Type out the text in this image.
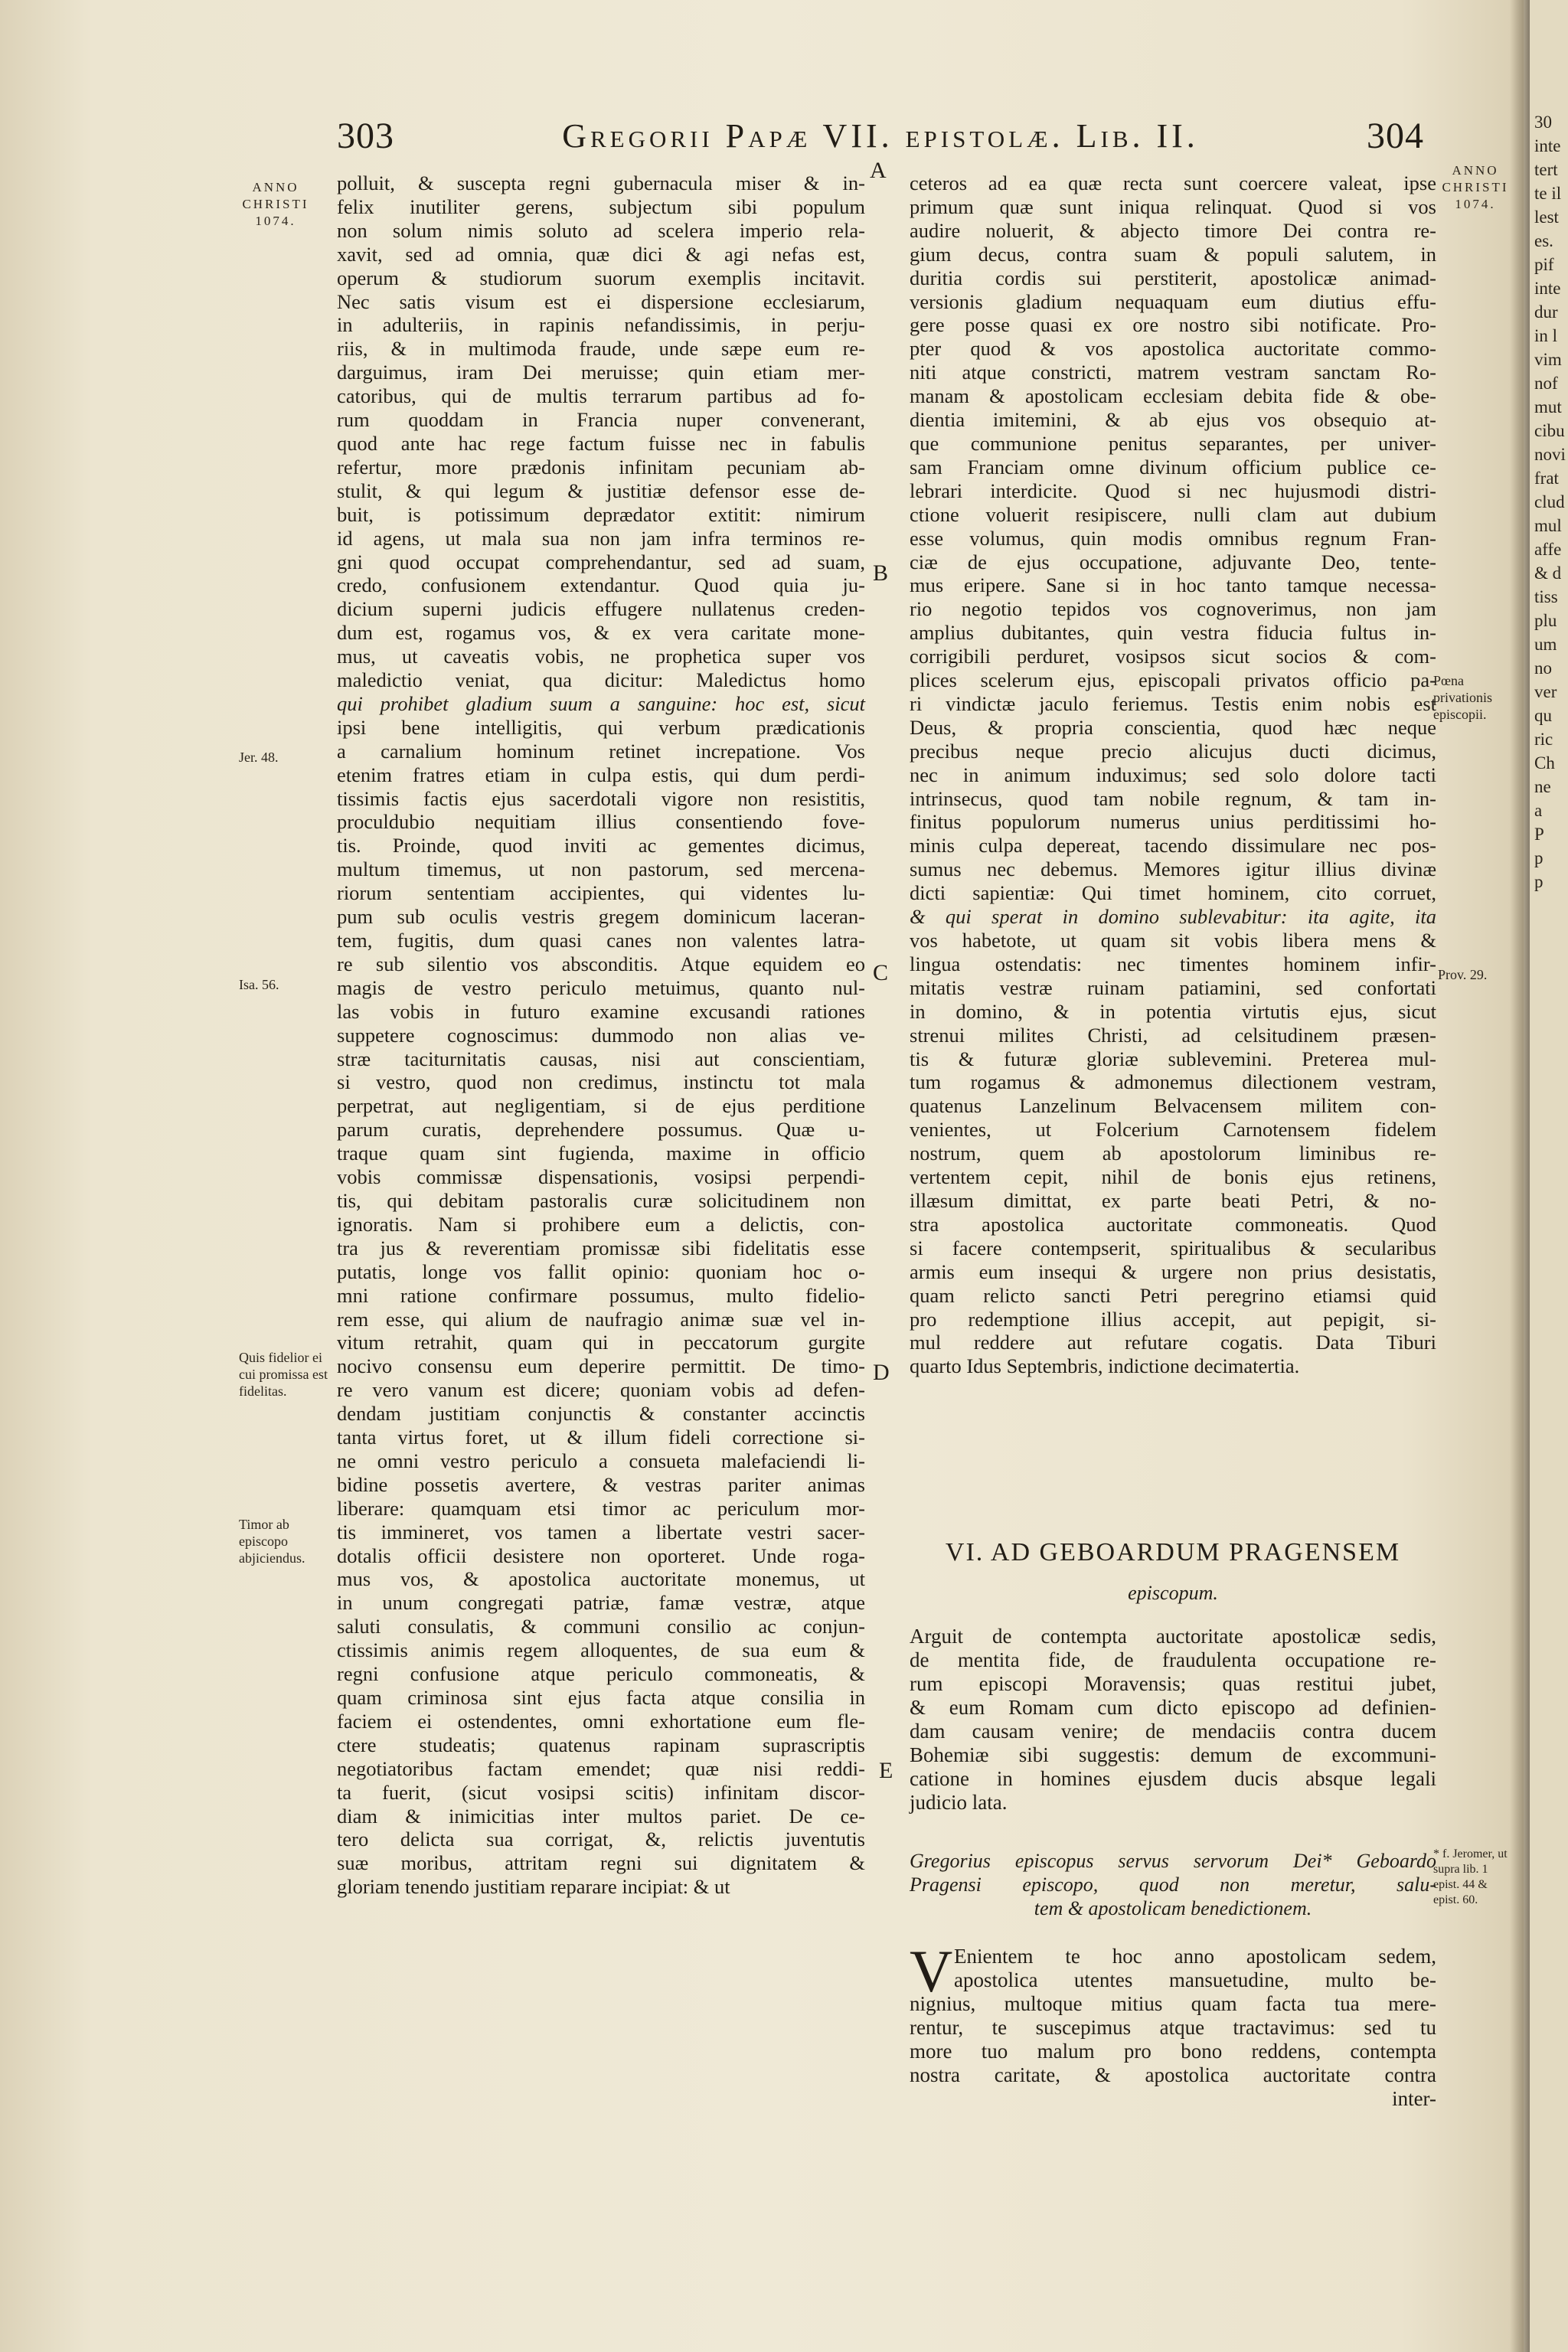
303	Gregorii Papæ VII. epistolæ. Lib. II.	304
ANNO CHRISTI 1074.
Jer. 48.
Isa. 56.
Quis fidelior ei cui promissa est fidelitas.
Timor ab episcopo abjiciendus.
ANNO CHRISTI 1074.
Pœna privationis episcopii.
Prov. 29.
* f. Jeromer, ut supra lib. 1 epist. 44 & epist. 60.
A
B
C
D
E
polluit, & suscepta regni gubernacula miser & in-
felix inutiliter gerens, subjectum sibi populum
non solum nimis soluto ad scelera imperio rela-
xavit, sed ad omnia, quæ dici & agi nefas est,
operum & studiorum suorum exemplis incitavit.
Nec satis visum est ei dispersione ecclesiarum,
in adulteriis, in rapinis nefandissimis, in perju-
riis, & in multimoda fraude, unde sæpe eum re-
darguimus, iram Dei meruisse; quin etiam mer-
catoribus, qui de multis terrarum partibus ad fo-
rum quoddam in Francia nuper convenerant,
quod ante hac rege factum fuisse nec in fabulis
refertur, more prædonis infinitam pecuniam ab-
stulit, & qui legum & justitiæ defensor esse de-
buit, is potissimum deprædator extitit: nimirum
id agens, ut mala sua non jam infra terminos re-
gni quod occupat comprehendantur, sed ad suam,
credo, confusionem extendantur. Quod quia ju-
dicium superni judicis effugere nullatenus creden-
dum est, rogamus vos, & ex vera caritate mone-
mus, ut caveatis vobis, ne prophetica super vos
maledictio veniat, qua dicitur: Maledictus homo
qui prohibet gladium suum a sanguine: hoc est, sicut
ipsi bene intelligitis, qui verbum prædicationis
a carnalium hominum retinet increpatione. Vos
etenim fratres etiam in culpa estis, qui dum perdi-
tissimis factis ejus sacerdotali vigore non resistitis,
proculdubio nequitiam illius consentiendo fove-
tis. Proinde, quod inviti ac gementes dicimus,
multum timemus, ut non pastorum, sed mercena-
riorum sententiam accipientes, qui videntes lu-
pum sub oculis vestris gregem dominicum laceran-
tem, fugitis, dum quasi canes non valentes latra-
re sub silentio vos absconditis. Atque equidem eo
magis de vestro periculo metuimus, quanto nul-
las vobis in futuro examine excusandi rationes
suppetere cognoscimus: dummodo non alias ve-
stræ taciturnitatis causas, nisi aut conscientiam,
si vestro, quod non credimus, instinctu tot mala
perpetrat, aut negligentiam, si de ejus perditione
parum curatis, deprehendere possumus. Quæ u-
traque quam sint fugienda, maxime in officio
vobis commissæ dispensationis, vosipsi perpendi-
tis, qui debitam pastoralis curæ solicitudinem non
ignoratis. Nam si prohibere eum a delictis, con-
tra jus & reverentiam promissæ sibi fidelitatis esse
putatis, longe vos fallit opinio: quoniam hoc o-
mni ratione confirmare possumus, multo fidelio-
rem esse, qui alium de naufragio animæ suæ vel in-
vitum retrahit, quam qui in peccatorum gurgite
nocivo consensu eum deperire permittit. De timo-
re vero vanum est dicere; quoniam vobis ad defen-
dendam justitiam conjunctis & constanter accinctis
tanta virtus foret, ut & illum fideli correctione si-
ne omni vestro periculo a consueta malefaciendi li-
bidine possetis avertere, & vestras pariter animas
liberare: quamquam etsi timor ac periculum mor-
tis immineret, vos tamen a libertate vestri sacer-
dotalis officii desistere non oporteret. Unde roga-
mus vos, & apostolica auctoritate monemus, ut
in unum congregati patriæ, famæ vestræ, atque
saluti consulatis, & communi consilio ac conjun-
ctissimis animis regem alloquentes, de sua eum &
regni confusione atque periculo commoneatis, &
quam criminosa sint ejus facta atque consilia in
faciem ei ostendentes, omni exhortatione eum fle-
ctere studeatis; quatenus rapinam suprascriptis
negotiatoribus factam emendet; quæ nisi reddi-
ta fuerit, (sicut vosipsi scitis) infinitam discor-
diam & inimicitias inter multos pariet. De ce-
tero delicta sua corrigat, &, relictis juventutis
suæ moribus, attritam regni sui dignitatem &
gloriam tenendo justitiam reparare incipiat: & ut
ceteros ad ea quæ recta sunt coercere valeat, ipse
primum quæ sunt iniqua relinquat. Quod si vos
audire noluerit, & abjecto timore Dei contra re-
gium decus, contra suam & populi salutem, in
duritia cordis sui perstiterit, apostolicæ animad-
versionis gladium nequaquam eum diutius effu-
gere posse quasi ex ore nostro sibi notificate. Pro-
pter quod & vos apostolica auctoritate commo-
niti atque constricti, matrem vestram sanctam Ro-
manam & apostolicam ecclesiam debita fide & obe-
dientia imitemini, & ab ejus vos obsequio at-
que communione penitus separantes, per univer-
sam Franciam omne divinum officium publice ce-
lebrari interdicite. Quod si nec hujusmodi distri-
ctione voluerit resipiscere, nulli clam aut dubium
esse volumus, quin modis omnibus regnum Fran-
ciæ de ejus occupatione, adjuvante Deo, tente-
mus eripere. Sane si in hoc tanto tamque necessa-
rio negotio tepidos vos cognoverimus, non jam
amplius dubitantes, quin vestra fiducia fultus in-
corrigibili perduret, vosipsos sicut socios & com-
plices scelerum ejus, episcopali privatos officio pa-
ri vindictæ jaculo feriemus. Testis enim nobis est
Deus, & propria conscientia, quod hæc neque
precibus neque precio alicujus ducti dicimus,
nec in animum induximus; sed solo dolore tacti
intrinsecus, quod tam nobile regnum, & tam in-
finitus populorum numerus unius perditissimi ho-
minis culpa depereat, tacendo dissimulare nec pos-
sumus nec debemus. Memores igitur illius divinæ
dicti sapientiæ: Qui timet hominem, cito corruet,
& qui sperat in domino sublevabitur: ita agite, ita
vos habetote, ut quam sit vobis libera mens &
lingua ostendatis: nec timentes hominem infir-
mitatis vestræ ruinam patiamini, sed confortati
in domino, & in potentia virtutis ejus, sicut
strenui milites Christi, ad celsitudinem præsen-
tis & futuræ gloriæ sublevemini. Preterea mul-
tum rogamus & admonemus dilectionem vestram,
quatenus Lanzelinum Belvacensem militem con-
venientes, ut Folcerium Carnotensem fidelem
nostrum, quem ab apostolorum liminibus re-
vertentem cepit, nihil de bonis ejus retinens,
illæsum dimittat, ex parte beati Petri, & no-
stra apostolica auctoritate commoneatis. Quod
si facere contempserit, spiritualibus & secularibus
armis eum insequi & urgere non prius desistatis,
quam relicto sancti Petri peregrino etiamsi quid
pro redemptione illius accepit, aut pepigit, si-
mul reddere aut refutare cogatis. Data Tiburi
quarto Idus Septembris, indictione decimatertia.
VI. AD GEBOARDUM PRAGENSEM
episcopum.
Arguit de contempta auctoritate apostolicæ sedis,
de mentita fide, de fraudulenta occupatione re-
rum episcopi Moravensis; quas restitui jubet,
& eum Romam cum dicto episcopo ad definien-
dam causam venire; de mendaciis contra ducem
Bohemiæ sibi suggestis: demum de excommuni-
catione in homines ejusdem ducis absque legali
judicio lata.
Gregorius episcopus servus servorum Dei* Geboardo
Pragensi episcopo, quod non meretur, salu-
tem & apostolicam benedictionem.
V Enientem te hoc anno apostolicam sedem,
apostolica utentes mansuetudine, multo be-
nignius, multoque mitius quam facta tua mere-
rentur, te suscepimus atque tractavimus: sed tu
more tuo malum pro bono reddens, contempta
nostra caritate, & apostolica auctoritate contra
inter-
30
inte
tert
te il
lest
es.
pif
inte
dur
in l
vim
nof
mut
cibu
novi
frat
clud
mul
affe
& d
tiss
plu
um
no
ver
qu
ric
Ch
ne
a
P
p
p
